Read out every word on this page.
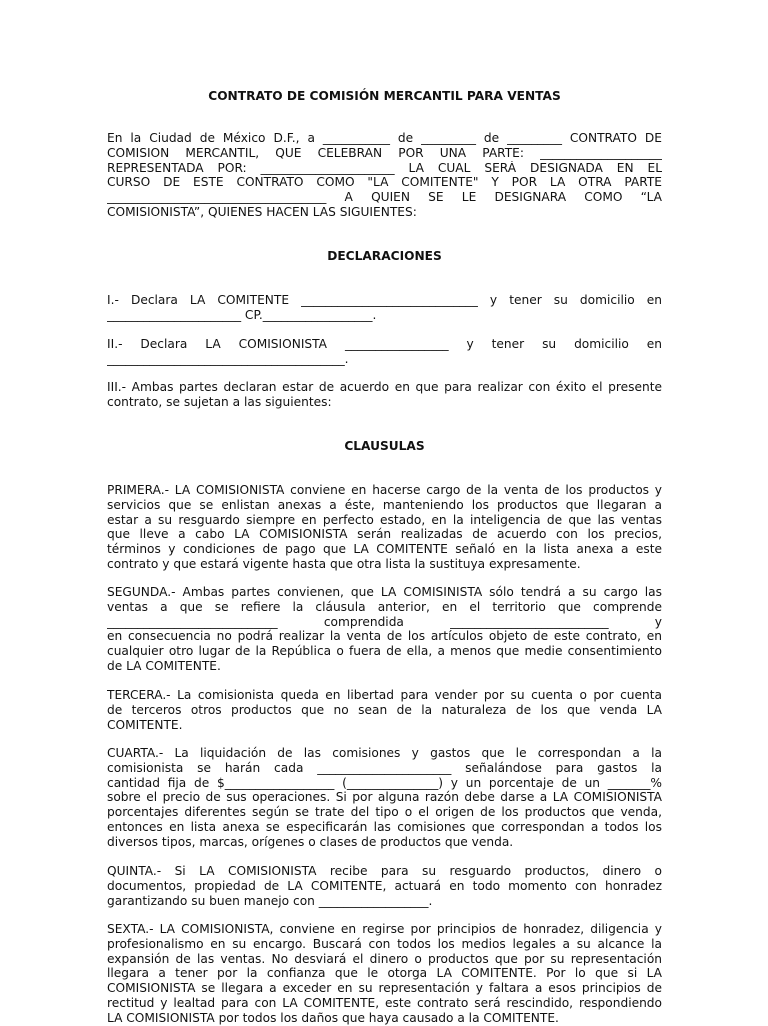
CONTRATO DE COMISIÓN MERCANTIL PARA VENTAS
En la Ciudad de México D.F., a ___________ de _________ de _________ CONTRATO DE
COMISION MERCANTIL, QUE CELEBRAN POR UNA PARTE: ____________________
REPRESENTADA POR: ______________________ LA CUAL SERÁ DESIGNADA EN EL
CURSO DE ESTE CONTRATO COMO "LA COMITENTE" Y POR LA OTRA PARTE
____________________________________ A QUIEN SE LE DESIGNARA COMO “LA
COMISIONISTA”, QUIENES HACEN LAS SIGUIENTES:
DECLARACIONES
I.- Declara LA COMITENTE _____________________________ y tener su domicilio en
______________________ CP.__________________.
II.- Declara LA COMISIONISTA _________________ y tener su domicilio en
_______________________________________.
III.- Ambas partes declaran estar de acuerdo en que para realizar con éxito el presente
contrato, se sujetan a las siguientes:
CLAUSULAS
PRIMERA.- LA COMISIONISTA conviene en hacerse cargo de la venta de los productos y
servicios que se enlistan anexas a éste, manteniendo los productos que llegaran a
estar a su resguardo siempre en perfecto estado, en la inteligencia de que las ventas
que lleve a cabo LA COMISIONISTA serán realizadas de acuerdo con los precios,
términos y condiciones de pago que LA COMITENTE señaló en la lista anexa a este
contrato y que estará vigente hasta que otra lista la sustituya expresamente.
SEGUNDA.- Ambas partes convienen, que LA COMISINISTA sólo tendrá a su cargo las
ventas a que se refiere la cláusula anterior, en el territorio que comprende
____________________________ comprendida __________________________ y
en consecuencia no podrá realizar la venta de los artículos objeto de este contrato, en
cualquier otro lugar de la República o fuera de ella, a menos que medie consentimiento
de LA COMITENTE.
TERCERA.- La comisionista queda en libertad para vender por su cuenta o por cuenta
de terceros otros productos que no sean de la naturaleza de los que venda LA
COMITENTE.
CUARTA.- La liquidación de las comisiones y gastos que le correspondan a la
comisionista se harán cada ______________________ señalándose para gastos la
cantidad fija de $__________________ (_______________) y un porcentaje de un _______%
sobre el precio de sus operaciones. Si por alguna razón debe darse a LA COMISIONISTA
porcentajes diferentes según se trate del tipo o el origen de los productos que venda,
entonces en lista anexa se especificarán las comisiones que correspondan a todos los
diversos tipos, marcas, orígenes o clases de productos que venda.
QUINTA.- Si LA COMISIONISTA recibe para su resguardo productos, dinero o
documentos, propiedad de LA COMITENTE, actuará en todo momento con honradez
garantizando su buen manejo con __________________.
SEXTA.- LA COMISIONISTA, conviene en regirse por principios de honradez, diligencia y
profesionalismo en su encargo. Buscará con todos los medios legales a su alcance la
expansión de las ventas. No desviará el dinero o productos que por su representación
llegara a tener por la confianza que le otorga LA COMITENTE. Por lo que si LA
COMISIONISTA se llegara a exceder en su representación y faltara a esos principios de
rectitud y lealtad para con LA COMITENTE, este contrato será rescindido, respondiendo
LA COMISIONISTA por todos los daños que haya causado a la COMITENTE.
